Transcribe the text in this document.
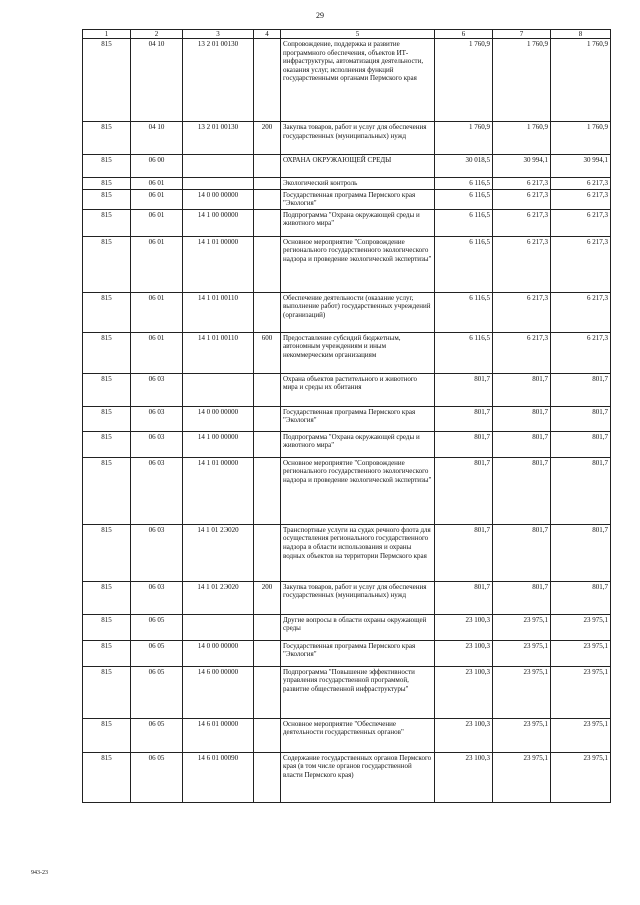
29
1	2	3	4	5	6	7	8
815	04 10	13 2 01 00130		Сопровождение, поддержка и развитие программного обеспечения, объектов ИТ-инфраструктуры, автоматизация деятельности, оказания услуг, исполнения функций государственными органами Пермского края	1 760,9	1 760,9	1 760,9
815	04 10	13 2 01 00130	200	Закупка товаров, работ и услуг для обеспечения государственных (муниципальных) нужд	1 760,9	1 760,9	1 760,9
815	06 00			ОХРАНА ОКРУЖАЮЩЕЙ СРЕДЫ	30 018,5	30 994,1	30 994,1
815	06 01			Экологический контроль	6 116,5	6 217,3	6 217,3
815	06 01	14 0 00 00000		Государственная программа Пермского края "Экология"	6 116,5	6 217,3	6 217,3
815	06 01	14 1 00 00000		Подпрограмма "Охрана окружающей среды и животного мира"	6 116,5	6 217,3	6 217,3
815	06 01	14 1 01 00000		Основное мероприятие "Сопровождение регионального государственного экологического надзора и проведение экологической экспертизы"	6 116,5	6 217,3	6 217,3
815	06 01	14 1 01 00110		Обеспечение деятельности (оказание услуг, выполнение работ) государственных учреждений (организаций)	6 116,5	6 217,3	6 217,3
815	06 01	14 1 01 00110	600	Предоставление субсидий бюджетным, автономным учреждениям и иным некоммерческим организациям	6 116,5	6 217,3	6 217,3
815	06 03			Охрана объектов растительного и животного мира и среды их обитания	801,7	801,7	801,7
815	06 03	14 0 00 00000		Государственная программа Пермского края "Экология"	801,7	801,7	801,7
815	06 03	14 1 00 00000		Подпрограмма "Охрана окружающей среды и животного мира"	801,7	801,7	801,7
815	06 03	14 1 01 00000		Основное мероприятие "Сопровождение регионального государственного экологического надзора и проведение экологической экспертизы"	801,7	801,7	801,7
815	06 03	14 1 01 2Э020		Транспортные услуги на судах речного флота для осуществления регионального государственного надзора в области использования и охраны водных объектов на территории Пермского края	801,7	801,7	801,7
815	06 03	14 1 01 2Э020	200	Закупка товаров, работ и услуг для обеспечения государственных (муниципальных) нужд	801,7	801,7	801,7
815	06 05			Другие вопросы в области охраны окружающей среды	23 100,3	23 975,1	23 975,1
815	06 05	14 0 00 00000		Государственная программа Пермского края "Экология"	23 100,3	23 975,1	23 975,1
815	06 05	14 6 00 00000		Подпрограмма "Повышение эффективности управления государственной программой, развитие общественной инфраструктуры"	23 100,3	23 975,1	23 975,1
815	06 05	14 6 01 00000		Основное мероприятие "Обеспечение деятельности государственных органов"	23 100,3	23 975,1	23 975,1
815	06 05	14 6 01 00090		Содержание государственных органов Пермского края (в том числе органов государственной власти Пермского края)	23 100,3	23 975,1	23 975,1
943-23
